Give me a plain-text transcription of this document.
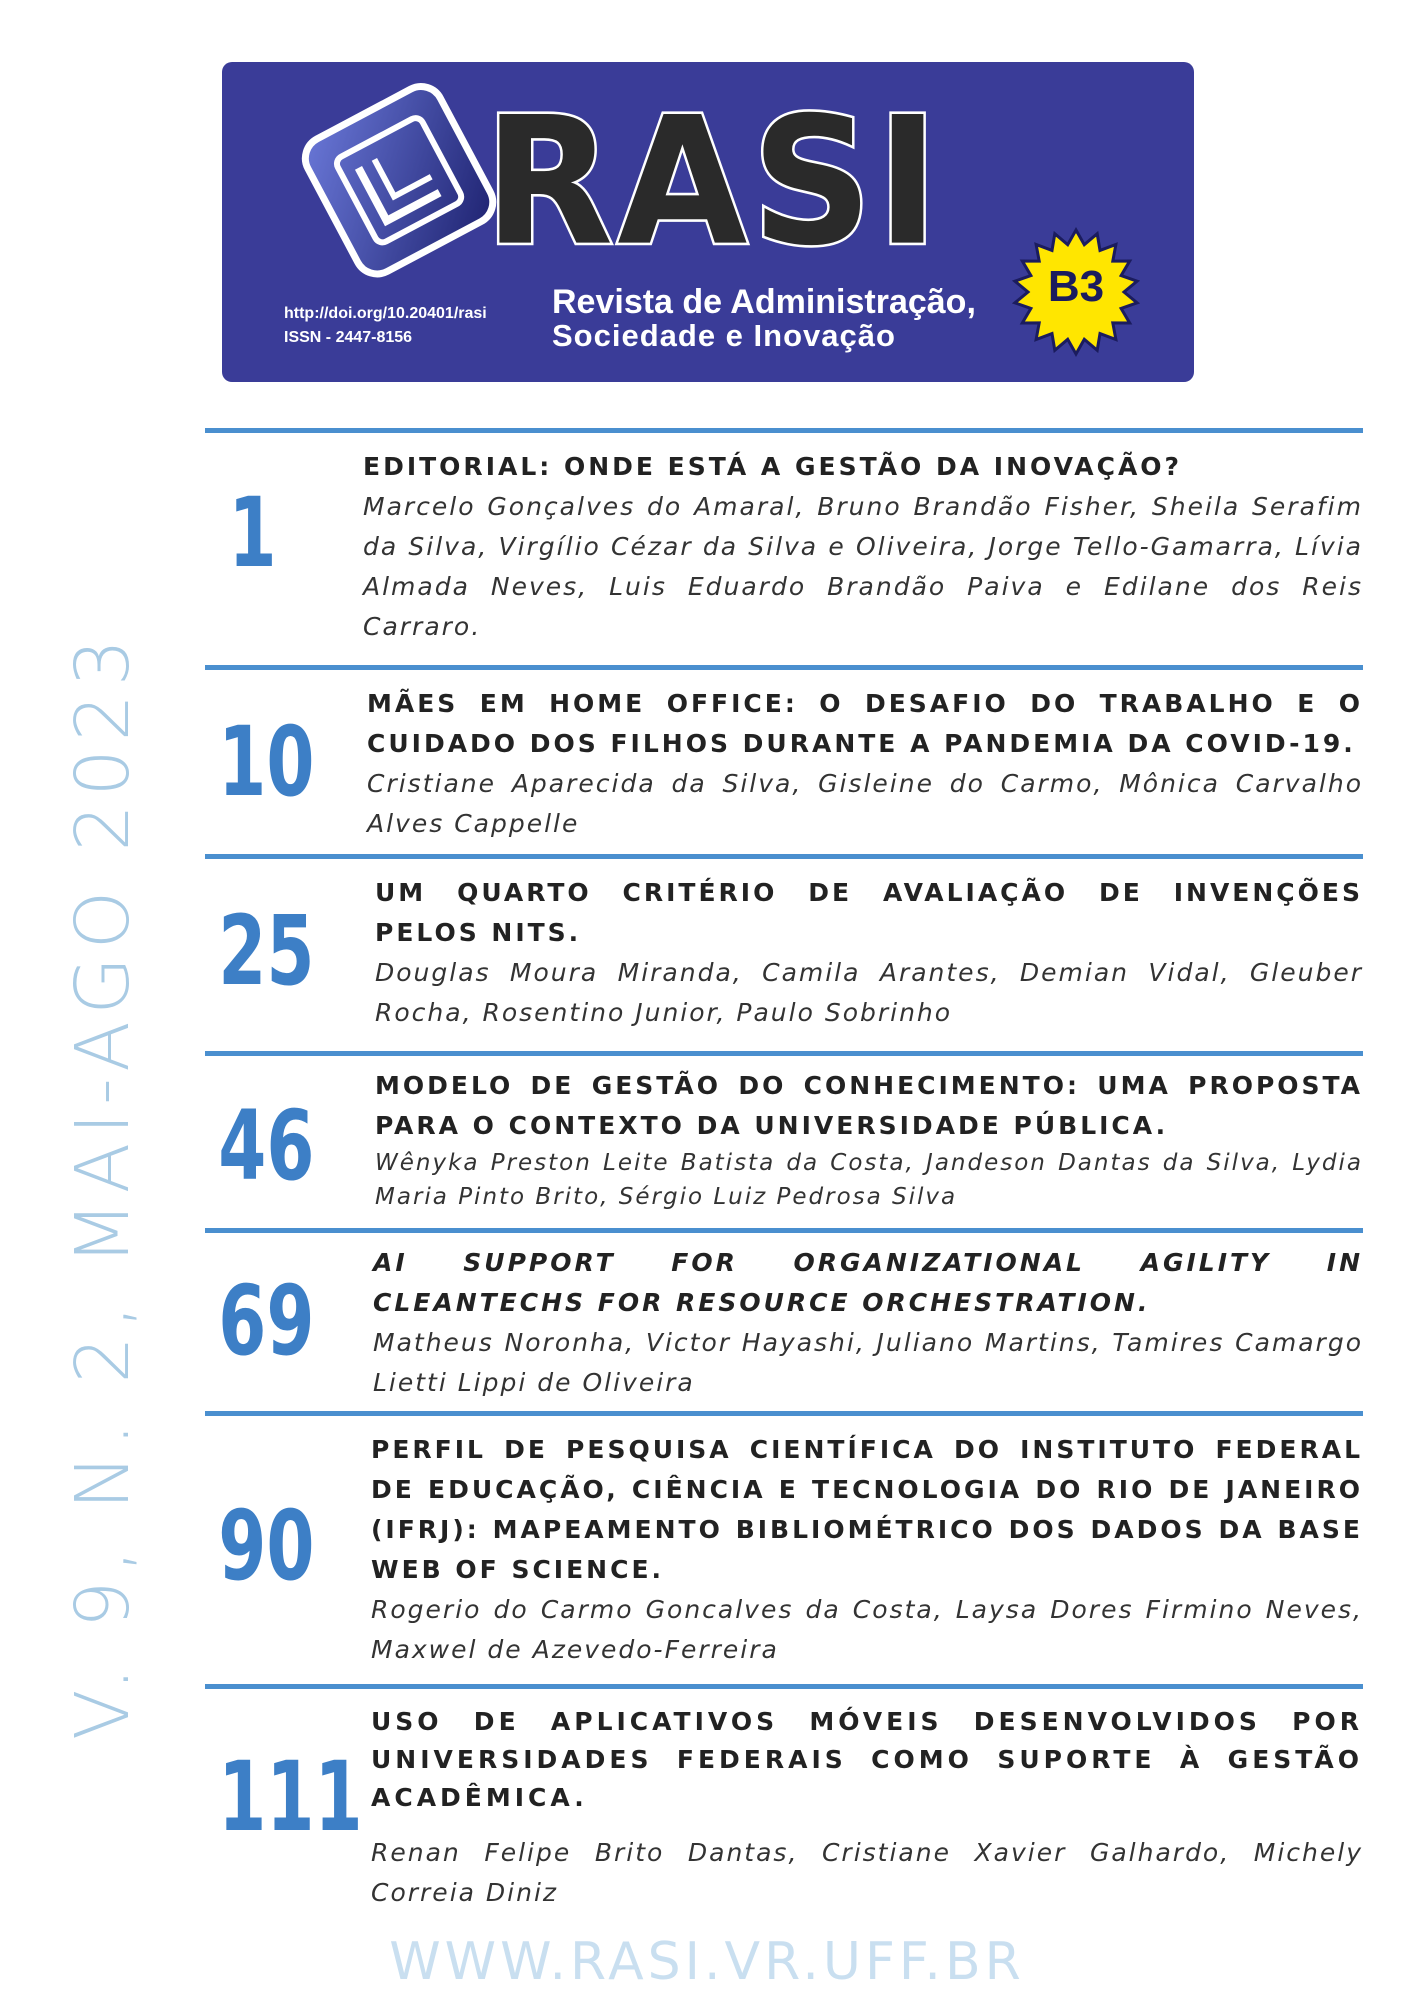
RASI
http://doi.org/10.20401/rasi
ISSN - 2447-8156
Revista de Administração,
Sociedade e Inovação
B3
V. 9, N. 2, MAI-AGO 2023
1
EDITORIAL: ONDE ESTÁ A GESTÃO DA INOVAÇÃO?
Marcelo Gonçalves do Amaral, Bruno Brandão Fisher, Sheila Serafim da Silva, Virgílio Cézar da Silva e Oliveira, Jorge Tello-Gamarra, Lívia Almada Neves, Luis Eduardo Brandão Paiva e Edilane dos Reis Carraro.
10
MÃES EM HOME OFFICE: O DESAFIO DO TRABALHO E O CUIDADO DOS FILHOS DURANTE A PANDEMIA DA COVID-19.
Cristiane Aparecida da Silva, Gisleine do Carmo, Mônica Carvalho Alves Cappelle
25
UM QUARTO CRITÉRIO DE AVALIAÇÃO DE INVENÇÕES PELOS NITS.
Douglas Moura Miranda, Camila Arantes, Demian Vidal, Gleuber Rocha, Rosentino Junior, Paulo Sobrinho
46
MODELO DE GESTÃO DO CONHECIMENTO: UMA PROPOSTA PARA O CONTEXTO DA UNIVERSIDADE PÚBLICA.
Wênyka Preston Leite Batista da Costa, Jandeson Dantas da Silva, Lydia Maria Pinto Brito, Sérgio Luiz Pedrosa Silva
69
AI SUPPORT FOR ORGANIZATIONAL AGILITY IN CLEANTECHS FOR RESOURCE ORCHESTRATION.
Matheus Noronha, Victor Hayashi, Juliano Martins, Tamires Camargo Lietti Lippi de Oliveira
90
PERFIL DE PESQUISA CIENTÍFICA DO INSTITUTO FEDERAL DE EDUCAÇÃO, CIÊNCIA E TECNOLOGIA DO RIO DE JANEIRO (IFRJ): MAPEAMENTO BIBLIOMÉTRICO DOS DADOS DA BASE WEB OF SCIENCE.
Rogerio do Carmo Goncalves da Costa, Laysa Dores Firmino Neves, Maxwel de Azevedo-Ferreira
111
USO DE APLICATIVOS MÓVEIS DESENVOLVIDOS POR UNIVERSIDADES FEDERAIS COMO SUPORTE À GESTÃO ACADÊMICA.
Renan Felipe Brito Dantas, Cristiane Xavier Galhardo, Michely Correia Diniz
WWW.RASI.VR.UFF.BR
